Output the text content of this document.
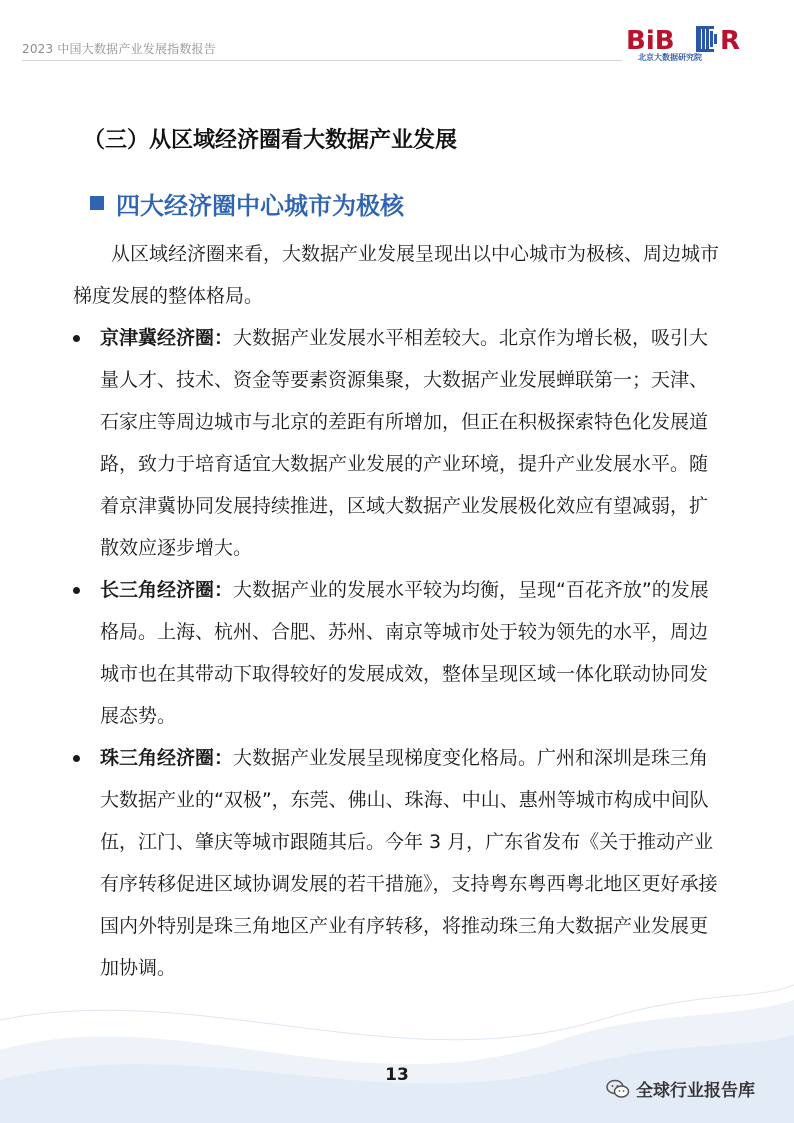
2023 中国大数据产业发展指数报告	BiB R
北京大数据研究院
（三）从区域经济圈看大数据产业发展
四大经济圈中心城市为极核

从区域经济圈来看，大数据产业发展呈现出以中心城市为极核、周边城市梯度发展的整体格局。

京津冀经济圈：大数据产业发展水平相差较大。北京作为增长极，吸引大量人才、技术、资金等要素资源集聚，大数据产业发展蝉联第一；天津、石家庄等周边城市与北京的差距有所增加，但正在积极探索特色化发展道路，致力于培育适宜大数据产业发展的产业环境，提升产业发展水平。随着京津冀协同发展持续推进，区域大数据产业发展极化效应有望减弱，扩散效应逐步增大。
长三角经济圈：大数据产业的发展水平较为均衡，呈现“百花齐放”的发展格局。上海、杭州、合肥、苏州、南京等城市处于较为领先的水平，周边城市也在其带动下取得较好的发展成效，整体呈现区域一体化联动协同发展态势。
珠三角经济圈：大数据产业发展呈现梯度变化格局。广州和深圳是珠三角大数据产业的“双极”，东莞、佛山、珠海、中山、惠州等城市构成中间队伍，江门、肇庆等城市跟随其后。今年 3 月，广东省发布《关于推动产业有序转移促进区域协调发展的若干措施》，支持粤东粤西粤北地区更好承接国内外特别是珠三角地区产业有序转移，将推动珠三角大数据产业发展更加协调。
13
全球行业报告库
